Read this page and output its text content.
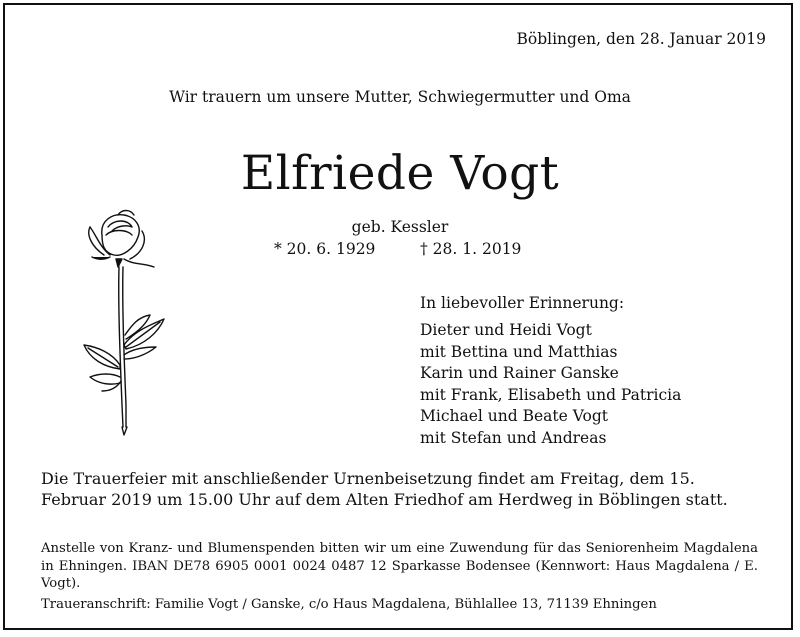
Böblingen, den 28. Januar 2019
Wir trauern um unsere Mutter, Schwiegermutter und Oma
Elfriede Vogt
geb. Kessler
* 20. 6. 1929	† 28. 1. 2019
In liebevoller Erinnerung:
Dieter und Heidi Vogt
mit Bettina und Matthias
Karin und Rainer Ganske
mit Frank, Elisabeth und Patricia
Michael und Beate Vogt
mit Stefan und Andreas
Die Trauerfeier mit anschließender Urnenbeisetzung findet am Freitag, dem 15. Februar 2019 um 15.00 Uhr auf dem Alten Friedhof am Herdweg in Böblingen statt.
Anstelle von Kranz- und Blumenspenden bitten wir um eine Zuwendung für das Seniorenheim Magdalena in Ehningen. IBAN DE78 6905 0001 0024 0487 12 Sparkasse Bodensee (Kennwort: Haus Magdalena / E. Vogt).
Traueranschrift: Familie Vogt / Ganske, c/o Haus Magdalena, Bühlallee 13, 71139 Ehningen
